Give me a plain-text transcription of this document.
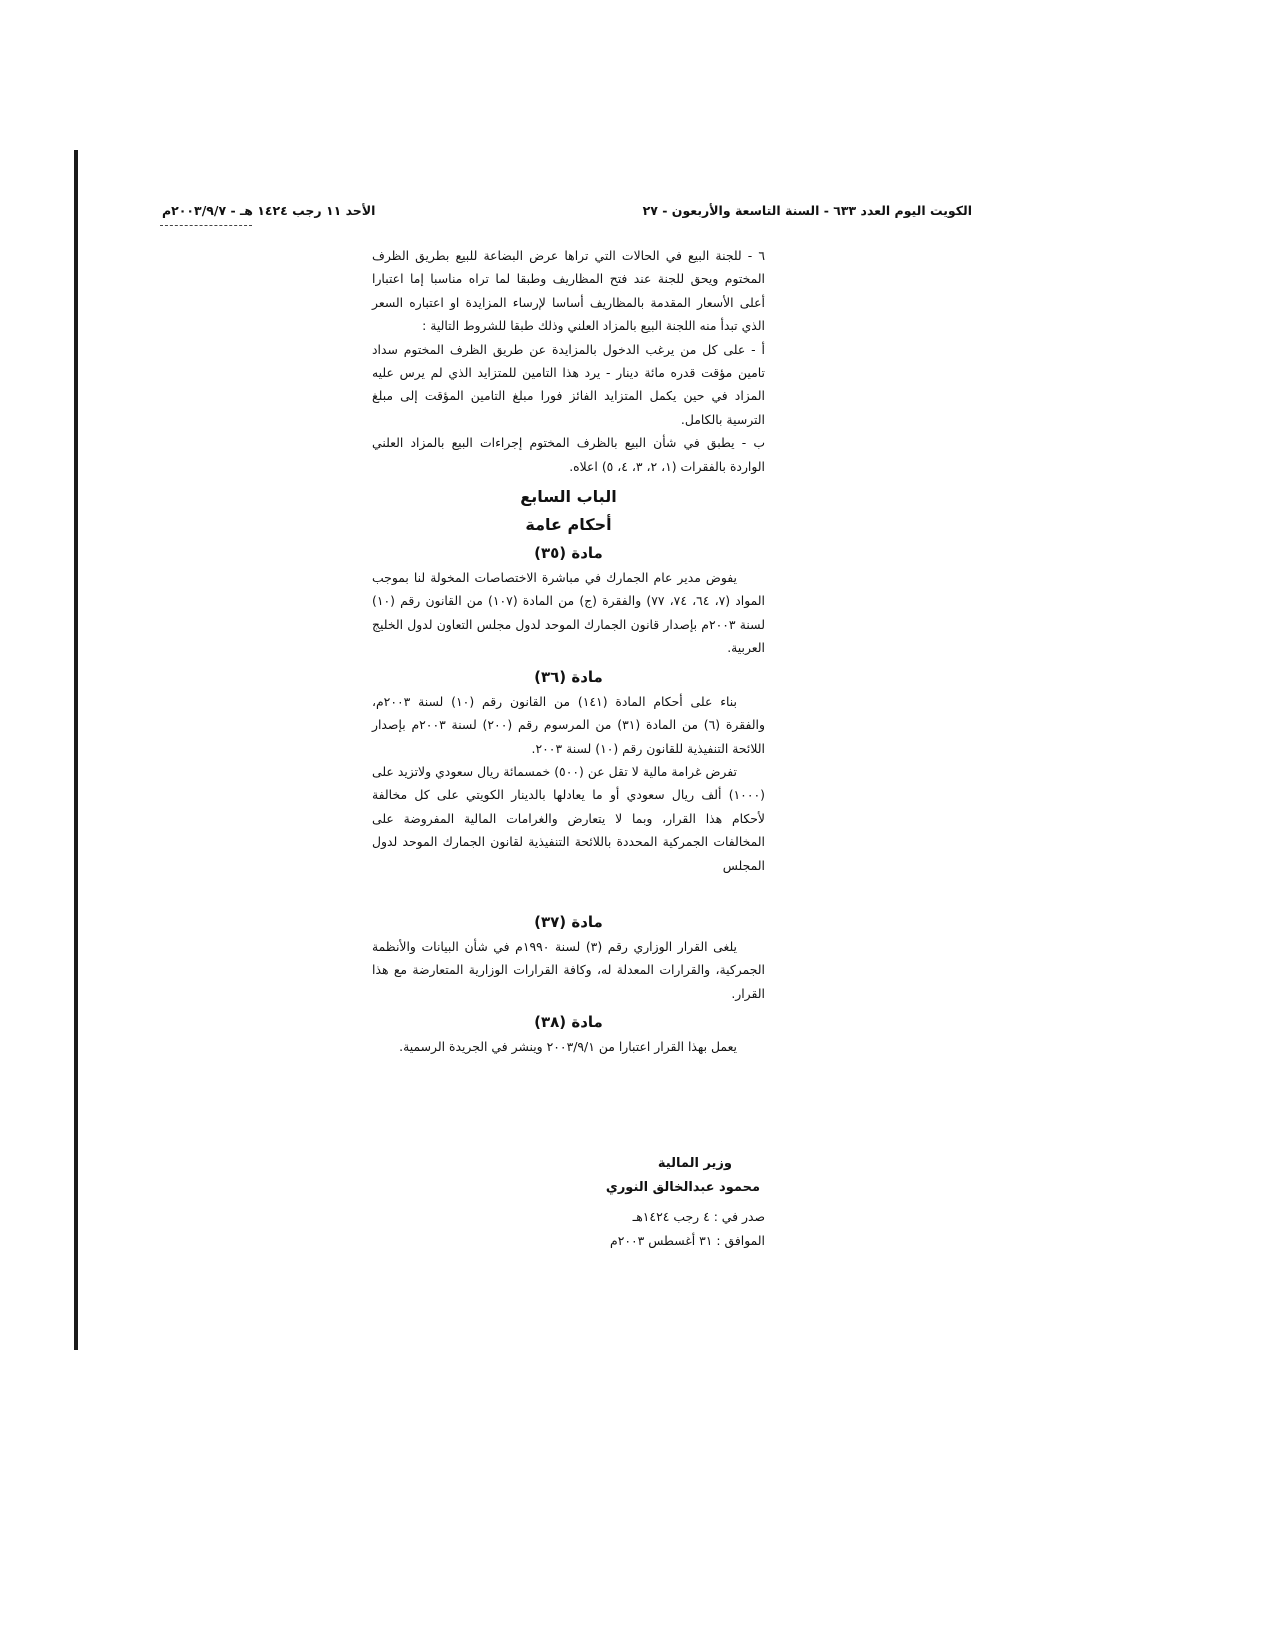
الكويت اليوم العدد ٦٣٣ - السنة التاسعة والأربعون - ٢٧
الأحد ١١ رجب ١٤٢٤ هـ - ٢٠٠٣/٩/٧م

٦ - للجنة البيع في الحالات التي تراها عرض البضاعة للبيع بطريق الظرف المختوم ويحق للجنة عند فتح المظاريف وطبقا لما تراه مناسبا إما اعتبارا أعلى الأسعار المقدمة بالمظاريف أساسا لإرساء المزايدة او اعتباره السعر الذي تبدأ منه اللجنة البيع بالمزاد العلني وذلك طبقا للشروط التالية :

أ - على كل من يرغب الدخول بالمزايدة عن طريق الظرف المختوم سداد تامين مؤقت قدره مائة دينار - يرد هذا التامين للمتزايد الذي لم يرس عليه المزاد في حين يكمل المتزايد الفائز فورا مبلغ التامين المؤقت إلى مبلغ الترسية بالكامل.

ب - يطبق في شأن البيع بالظرف المختوم إجراءات البيع بالمزاد العلني الواردة بالفقرات (١، ٢، ٣، ٤، ٥) اعلاه.

الباب السابع
أحكام عامة
مادة (٣٥)

يفوض مدير عام الجمارك في مباشرة الاختصاصات المخولة لنا بموجب المواد (٧، ٦٤، ٧٤، ٧٧) والفقرة (ج) من المادة (١٠٧) من القانون رقم (١٠) لسنة ٢٠٠٣م بإصدار قانون الجمارك الموحد لدول مجلس التعاون لدول الخليج العربية.

مادة (٣٦)

بناء على أحكام المادة (١٤١) من القانون رقم (١٠) لسنة ٢٠٠٣م، والفقرة (٦) من المادة (٣١) من المرسوم رقم (٢٠٠) لسنة ٢٠٠٣م بإصدار اللائحة التنفيذية للقانون رقم (١٠) لسنة ٢٠٠٣.

تفرض غرامة مالية لا تقل عن (٥٠٠) خمسمائة ريال سعودي ولاتزيد على (١٠٠٠) ألف ريال سعودي أو ما يعادلها بالدينار الكويتي على كل مخالفة لأحكام هذا القرار، وبما لا يتعارض والغرامات المالية المفروضة على المخالفات الجمركية المحددة باللائحة التنفيذية لقانون الجمارك الموحد لدول المجلس

مادة (٣٧)

يلغى القرار الوزاري رقم (٣) لسنة ١٩٩٠م في شأن البيانات والأنظمة الجمركية، والقرارات المعدلة له، وكافة القرارات الوزارية المتعارضة مع هذا القرار.

مادة (٣٨)

يعمل بهذا القرار اعتبارا من ٢٠٠٣/٩/١ وينشر في الجريدة الرسمية.

وزير المالية
محمود عبدالخالق النوري
صدر في : ٤ رجب ١٤٢٤هـ
الموافق : ٣١ أغسطس ٢٠٠٣م
